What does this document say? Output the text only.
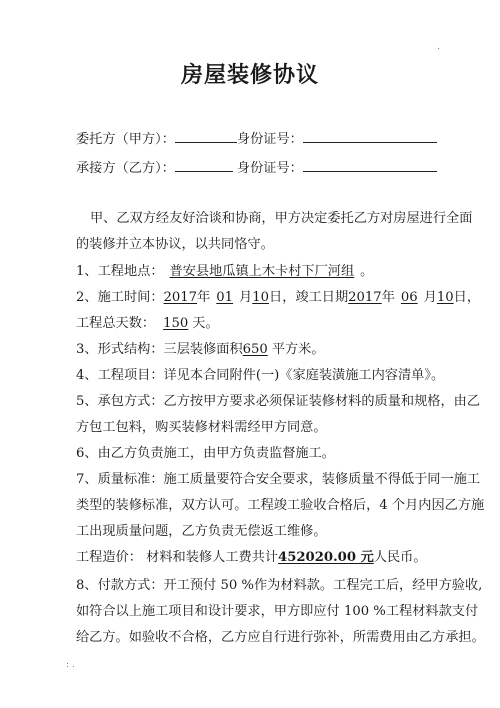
.
房屋装修协议
委托方（甲方）：	身份证号：
承接方（乙方）：	身份证号：
甲、乙双方经友好洽谈和协商，甲方决定委托乙方对房屋进行全面
的装修并立本协议，以共同恪守。
1、工程地点： 普安县地瓜镇上木卡村下厂河组 。
2、施工时间：2017年 01 月10日，竣工日期2017年 06 月10日，
工程总天数： 150 天。
3、形式结构：三层装修面积650 平方米。
4、工程项目：详见本合同附件(一)《家庭装潢施工内容清单》。
5、承包方式：乙方按甲方要求必须保证装修材料的质量和规格，由乙
方包工包料，购买装修材料需经甲方同意。
6、由乙方负责施工，由甲方负责监督施工。
7、质量标准：施工质量要符合安全要求，装修质量不得低于同一施工
类型的装修标准，双方认可。工程竣工验收合格后，4 个月内因乙方施
工出现质量问题，乙方负责无偿返工维修。
工程造价： 材料和装修人工费共计452020.00 元人民币。
8、付款方式：开工预付 50 %作为材料款。工程完工后，经甲方验收,
如符合以上施工项目和设计要求，甲方即应付 100 %工程材料款支付
给乙方。如验收不合格，乙方应自行进行弥补，所需费用由乙方承担。
: .
